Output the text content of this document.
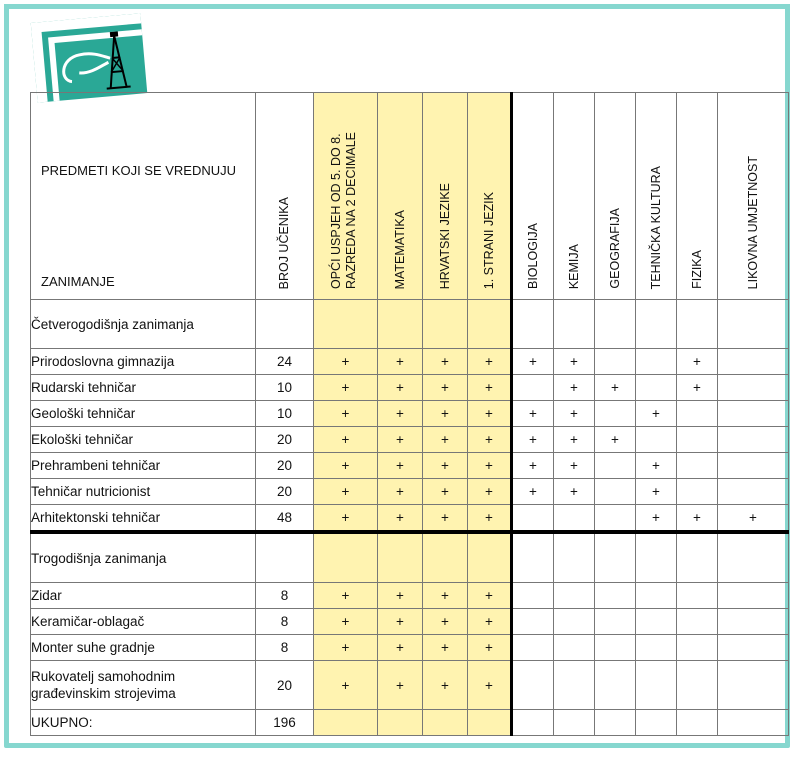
Upisi u školskoj godini 2020./2021.
PREDMETI KOJI SE VREDNUJU
ZANIMANJE	BROJ UČENIKA	OPĆI USPJEH OD 5. DO 8. RAZREDA NA 2 DECIMALE	MATEMATIKA	HRVATSKI JEZIKE	1. STRANI JEZIK	BIOLOGIJA	KEMIJA	GEOGRAFIJA	TEHNIČKA KULTURA	FIZIKA	LIKOVNA UMJETNOST

Četverogodišnja zanimanja											
Prirodoslovna gimnazija	24	+	+	+	+	+	+			+	
Rudarski tehničar	10	+	+	+	+		+	+		+	
Geološki tehničar	10	+	+	+	+	+	+		+		
Ekološki tehničar	20	+	+	+	+	+	+	+			
Prehrambeni tehničar	20	+	+	+	+	+	+		+		
Tehničar nutricionist	20	+	+	+	+	+	+		+		
Arhitektonski tehničar	48	+	+	+	+				+	+	+
Trogodišnja zanimanja											
Zidar	8	+	+	+	+						
Keramičar-oblagač	8	+	+	+	+						
Monter suhe gradnje	8	+	+	+	+						
Rukovatelj samohodnim građevinskim strojevima	20	+	+	+	+						
UKUPNO:	196										
